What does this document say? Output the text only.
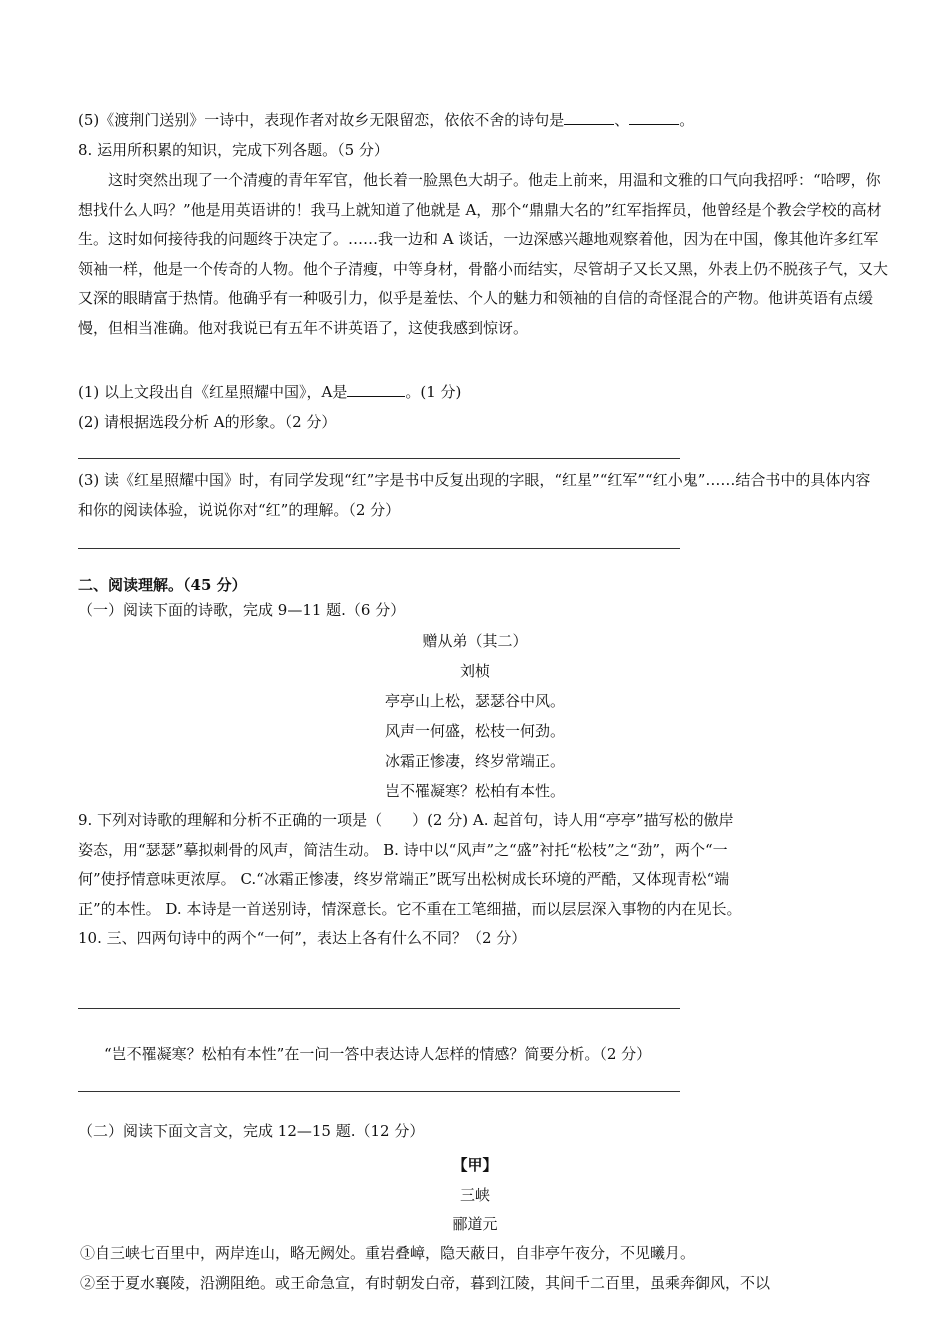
(5)《渡荆门送别》一诗中，表现作者对故乡无限留恋，依依不舍的诗句是	、	。
8. 运用所积累的知识，完成下列各题。（5 分）
这时突然出现了一个清瘦的青年军官，他长着一脸黑色大胡子。他走上前来，用温和文雅的口气向我招呼：“哈啰，你想找什么人吗？”他是用英语讲的！我马上就知道了他就是 A，那个“鼎鼎大名的”红军指挥员，他曾经是个教会学校的高材生。这时如何接待我的问题终于决定了。……我一边和 A 谈话，一边深感兴趣地观察着他，因为在中国，像其他许多红军领袖一样，他是一个传奇的人物。他个子清瘦，中等身材，骨骼小而结实，尽管胡子又长又黑，外表上仍不脱孩子气，又大又深的眼睛富于热情。他确乎有一种吸引力，似乎是羞怯、个人的魅力和领袖的自信的奇怪混合的产物。他讲英语有点缓慢，但相当准确。他对我说已有五年不讲英语了，这使我感到惊讶。
(1) 以上文段出自《红星照耀中国》，A是	。(1 分)
(2) 请根据选段分析 A的形象。（2 分）
(3) 读《红星照耀中国》时，有同学发现“红”字是书中反复出现的字眼，“红星”“红军”“红小鬼”……结合书中的具体内容和你的阅读体验，说说你对“红”的理解。（2 分）
二、阅读理解。（45 分）
（一）阅读下面的诗歌，完成 9—11 题.（6 分）
赠从弟（其二）
刘桢
亭亭山上松，瑟瑟谷中风。
风声一何盛，松枝一何劲。
冰霜正惨凄，终岁常端正。
岂不罹凝寒？松柏有本性。
9. 下列对诗歌的理解和分析不正确的一项是（　　）(2 分) A. 起首句，诗人用“亭亭”描写松的傲岸姿态，用“瑟瑟”摹拟刺骨的风声，简洁生动。 B. 诗中以“风声”之“盛”衬托“松枝”之“劲”，两个“一何”使抒情意味更浓厚。 C.“冰霜正惨凄，终岁常端正”既写出松树成长环境的严酷，又体现青松“端正”的本性。 D. 本诗是一首送别诗，情深意长。它不重在工笔细描，而以层层深入事物的内在见长。 10. 三、四两句诗中的两个“一何”，表达上各有什么不同？（2 分）
“岂不罹凝寒？松柏有本性”在一问一答中表达诗人怎样的情感？简要分析。（2 分）
（二）阅读下面文言文，完成 12—15 题.（12 分）
【甲】
三峡
郦道元
①自三峡七百里中，两岸连山，略无阙处。重岩叠嶂，隐天蔽日，自非亭午夜分，不见曦月。
②至于夏水襄陵，沿溯阻绝。或王命急宣，有时朝发白帝，暮到江陵，其间千二百里，虽乘奔御风，不以
